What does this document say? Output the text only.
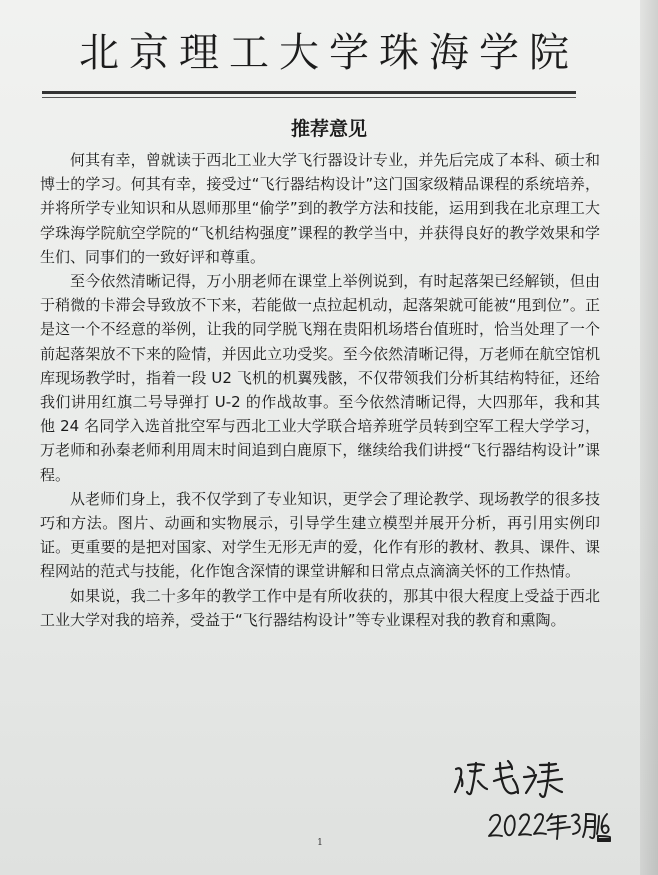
北京理工大学珠海学院
推荐意见

何其有幸，曾就读于西北工业大学飞行器设计专业，并先后完成了本科、硕士和博士的学习。何其有幸，接受过“飞行器结构设计”这门国家级精品课程的系统培养，并将所学专业知识和从恩师那里“偷学”到的教学方法和技能，运用到我在北京理工大学珠海学院航空学院的“飞机结构强度”课程的教学当中，并获得良好的教学效果和学生们、同事们的一致好评和尊重。

至今依然清晰记得，万小朋老师在课堂上举例说到，有时起落架已经解锁，但由于稍微的卡滞会导致放不下来，若能做一点拉起机动，起落架就可能被“甩到位”。正是这一个不经意的举例，让我的同学脱飞翔在贵阳机场塔台值班时，恰当处理了一个前起落架放不下来的险情，并因此立功受奖。至今依然清晰记得，万老师在航空馆机库现场教学时，指着一段 U2 飞机的机翼残骸，不仅带领我们分析其结构特征，还给我们讲用红旗二号导弹打 U-2 的作战故事。至今依然清晰记得，大四那年，我和其他 24 名同学入选首批空军与西北工业大学联合培养班学员转到空军工程大学学习，万老师和孙秦老师利用周末时间追到白鹿原下，继续给我们讲授“飞行器结构设计”课程。

从老师们身上，我不仅学到了专业知识，更学会了理论教学、现场教学的很多技巧和方法。图片、动画和实物展示，引导学生建立模型并展开分析，再引用实例印证。更重要的是把对国家、对学生无形无声的爱，化作有形的教材、教具、课件、课程网站的范式与技能，化作饱含深情的课堂讲解和日常点点滴滴关怀的工作热情。

如果说，我二十多年的教学工作中是有所收获的，那其中很大程度上受益于西北工业大学对我的培养，受益于“飞行器结构设计”等专业课程对我的教育和熏陶。

1
